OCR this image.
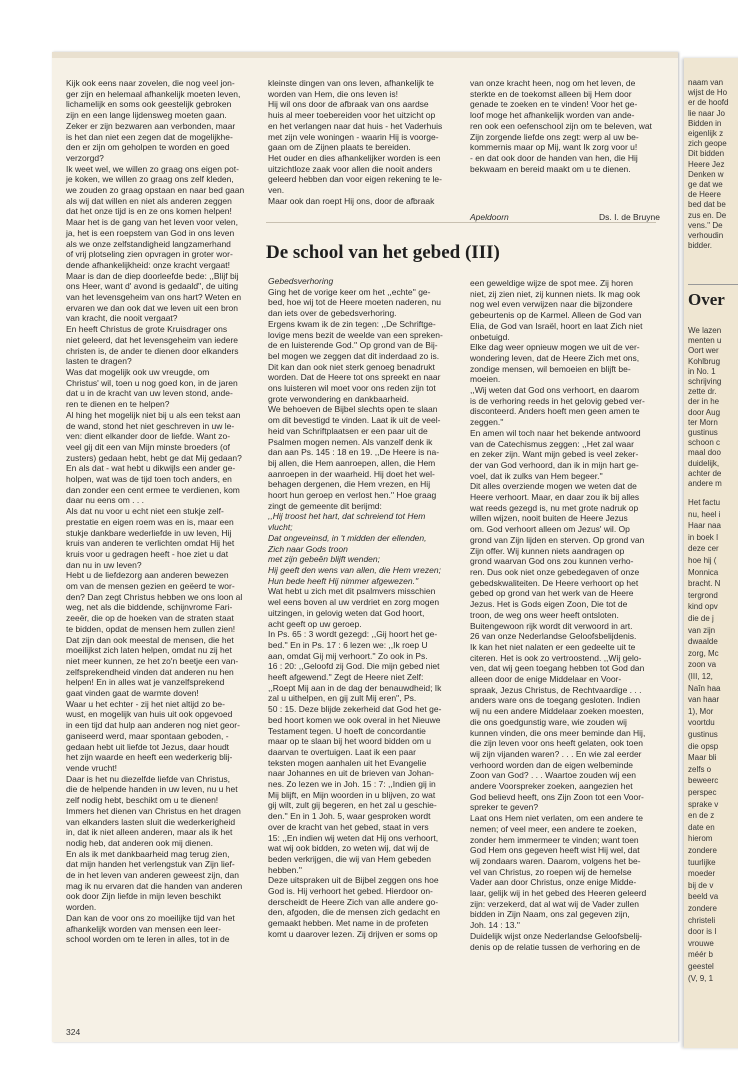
Kijk ook eens naar zovelen, die nog veel jon-

ger zijn en helemaal afhankelijk moeten leven,

lichamelijk en soms ook geestelijk gebroken

zijn en een lange lijdensweg moeten gaan.

Zeker er zijn bezwaren aan verbonden, maar

is het dan niet een zegen dat de mogelijkhe-

den er zijn om geholpen te worden en goed

verzorgd?

Ik weet wel, we willen zo graag ons eigen pot-

je koken, we willen zo graag ons zelf kleden,

we zouden zo graag opstaan en naar bed gaan

als wij dat willen en niet als anderen zeggen

dat het onze tijd is en ze ons komen helpen!

Maar het is de gang van het leven voor velen,

ja, het is een roepstem van God in ons leven

als we onze zelfstandigheid langzamerhand

of vrij plotseling zien opvragen in groter wor-

dende afhankelijkheid: onze kracht vergaat!

Maar is dan de diep doorleefde bede: ,,Blijf bij

ons Heer, want d' avond is gedaald'', de uiting

van het levensgeheim van ons hart? Weten en

ervaren we dan ook dat we leven uit een bron

van kracht, die nooit vergaat?

En heeft Christus de grote Kruisdrager ons

niet geleerd, dat het levensgeheim van iedere

christen is, de ander te dienen door elkanders

lasten te dragen?

Was dat mogelijk ook uw vreugde, om

Christus' wil, toen u nog goed kon, in de jaren

dat u in de kracht van uw leven stond, ande-

ren te dienen en te helpen?

Al hing het mogelijk niet bij u als een tekst aan

de wand, stond het niet geschreven in uw le-

ven: dient elkander door de liefde. Want zo-

veel gij dit een van Mijn minste broeders (of

zusters) gedaan hebt, hebt ge dat Mij gedaan?

En als dat - wat hebt u dikwijls een ander ge-

holpen, wat was de tijd toen toch anders, en

dan zonder een cent ermee te verdienen, kom

daar nu eens om . . .

Als dat nu voor u echt niet een stukje zelf-

prestatie en eigen roem was en is, maar een

stukje dankbare wederliefde in uw leven, Hij

kruis van anderen te verlichten omdat Hij het

kruis voor u gedragen heeft - hoe ziet u dat

dan nu in uw leven?

Hebt u de liefdezorg aan anderen bewezen

om van de mensen gezien en geëerd te wor-

den? Dan zegt Christus hebben we ons loon al

weg, net als die biddende, schijnvrome Fari-

zeeër, die op de hoeken van de straten staat

te bidden, opdat de mensen hem zullen zien!

Dat zijn dan ook meestal de mensen, die het

moeilijkst zich laten helpen, omdat nu zij het

niet meer kunnen, ze het zo'n beetje een van-

zelfsprekendheid vinden dat anderen nu hen

helpen! En in alles wat je vanzelfsprekend

gaat vinden gaat de warmte doven!

Waar u het echter - zij het niet altijd zo be-

wust, en mogelijk van huis uit ook opgevoed

in een tijd dat hulp aan anderen nog niet geor-

ganiseerd werd, maar spontaan geboden, -

gedaan hebt uit liefde tot Jezus, daar houdt

het zijn waarde en heeft een wederkerig blij-

vende vrucht!

Daar is het nu diezelfde liefde van Christus,

die de helpende handen in uw leven, nu u het

zelf nodig hebt, beschikt om u te dienen!

Immers het dienen van Christus en het dragen

van elkanders lasten sluit die wederkerigheid

in, dat ik niet alleen anderen, maar als ik het

nodig heb, dat anderen ook mij dienen.

En als ik met dankbaarheid mag terug zien,

dat mijn handen het verlengstuk van Zijn lief-

de in het leven van anderen geweest zijn, dan

mag ik nu ervaren dat die handen van anderen

ook door Zijn liefde in mijn leven beschikt

worden.

Dan kan de voor ons zo moeilijke tijd van het

afhankelijk worden van mensen een leer-

school worden om te leren in alles, tot in de

kleinste dingen van ons leven, afhankelijk te

worden van Hem, die ons leven is!

Hij wil ons door de afbraak van ons aardse

huis al meer toebereiden voor het uitzicht op

en het verlangen naar dat huis - het Vaderhuis

met zijn vele woningen - waarin Hij is voorge-

gaan om de Zijnen plaats te bereiden.

Het ouder en dies afhankelijker worden is een

uitzichtloze zaak voor allen die nooit anders

geleerd hebben dan voor eigen rekening te le-

ven.

Maar ook dan roept Hij ons, door de afbraak

van onze kracht heen, nog om het leven, de

sterkte en de toekomst alleen bij Hem door

genade te zoeken en te vinden! Voor het ge-

loof moge het afhankelijk worden van ande-

ren ook een oefenschool zijn om te beleven, wat

Zijn zorgende liefde ons zegt: werp al uw be-

kommernis maar op Mij, want Ik zorg voor u!

- en dat ook door de handen van hen, die Hij

bekwaam en bereid maakt om u te dienen.

Apeldoorn	Ds. I. de Bruyne
De school van het gebed (III)

Gebedsverhoring

Ging het de vorige keer om het ,,echte'' ge-

bed, hoe wij tot de Heere moeten naderen, nu

dan iets over de gebedsverhoring.

Ergens kwam ik de zin tegen: ,,De Schriftge-

lovige mens bezit de weelde van een spreken-

de en luisterende God.'' Op grond van de Bij-

bel mogen we zeggen dat dit inderdaad zo is.

Dit kan dan ook niet sterk genoeg benadrukt

worden. Dat de Heere tot ons spreekt en naar

ons luisteren wil moet voor ons reden zijn tot

grote verwondering en dankbaarheid.

We behoeven de Bijbel slechts open te slaan

om dit bevestigd te vinden. Laat ik uit de veel-

heid van Schriftplaatsen er een paar uit de

Psalmen mogen nemen. Als vanzelf denk ik

dan aan Ps. 145 : 18 en 19. ,,De Heere is na-

bij allen, die Hem aanroepen, allen, die Hem

aanroepen in der waarheid. Hij doet het wel-

behagen dergenen, die Hem vrezen, en Hij

hoort hun geroep en verlost hen.'' Hoe graag

zingt de gemeente dit berijmd:

,,Hij troost het hart, dat schreiend tot Hem

vlucht;

Dat ongeveinsd, in 't midden der ellenden,

Zich naar Gods troon

met zijn gebeên blijft wenden;

Hij geeft den wens van allen, die Hem vrezen;

Hun bede heeft Hij nimmer afgewezen.''

Wat hebt u zich met dit psalmvers misschien

wel eens boven al uw verdriet en zorg mogen

uitzingen, in gelovig weten dat God hoort,

acht geeft op uw geroep.

In Ps. 65 : 3 wordt gezegd: ,,Gij hoort het ge-

bed.'' En in Ps. 17 : 6 lezen we: ,,Ik roep U

aan, omdat Gij mij verhoort.'' Zo ook in Ps.

16 : 20: ,,Geloofd zij God. Die mijn gebed niet

heeft afgewend.'' Zegt de Heere niet Zelf:

,,Roept Mij aan in de dag der benauwdheid; Ik

zal u uithelpen, en gij zult Mij eren'', Ps.

50 : 15. Deze blijde zekerheid dat God het ge-

bed hoort komen we ook overal in het Nieuwe

Testament tegen. U hoeft de concordantie

maar op te slaan bij het woord bidden om u

daarvan te overtuigen. Laat ik een paar

teksten mogen aanhalen uit het Evangelie

naar Johannes en uit de brieven van Johan-

nes. Zo lezen we in Joh. 15 : 7: ,,Indien gij in

Mij blijft, en Mijn woorden in u blijven, zo wat

gij wilt, zult gij begeren, en het zal u geschie-

den.'' En in 1 Joh. 5, waar gesproken wordt

over de kracht van het gebed, staat in vers

15: ,,En indien wij weten dat Hij ons verhoort,

wat wij ook bidden, zo weten wij, dat wij de

beden verkrijgen, die wij van Hem gebeden

hebben.''

Deze uitspraken uit de Bijbel zeggen ons hoe

God is. Hij verhoort het gebed. Hierdoor on-

derscheidt de Heere Zich van alle andere go-

den, afgoden, die de mensen zich gedacht en

gemaakt hebben. Met name in de profeten

komt u daarover lezen. Zij drijven er soms op

een geweldige wijze de spot mee. Zij horen

niet, zij zien niet, zij kunnen niets. Ik mag ook

nog wel even verwijzen naar die bijzondere

gebeurtenis op de Karmel. Alleen de God van

Elia, de God van Israël, hoort en laat Zich niet

onbetuigd.

Elke dag weer opnieuw mogen we uit de ver-

wondering leven, dat de Heere Zich met ons,

zondige mensen, wil bemoeien en blijft be-

moeien.

,,Wij weten dat God ons verhoort, en daarom

is de verhoring reeds in het gelovig gebed ver-

disconteerd. Anders hoeft men geen amen te

zeggen.''

En amen wil toch naar het bekende antwoord

van de Catechismus zeggen: ,,Het zal waar

en zeker zijn. Want mijn gebed is veel zeker-

der van God verhoord, dan ik in mijn hart ge-

voel, dat ik zulks van Hem begeer.''

Dit alles overziende mogen we weten dat de

Heere verhoort. Maar, en daar zou ik bij alles

wat reeds gezegd is, nu met grote nadruk op

willen wijzen, nooit buiten de Heere Jezus

om. God verhoort alleen om Jezus' wil. Op

grond van Zijn lijden en sterven. Op grond van

Zijn offer. Wij kunnen niets aandragen op

grond waarvan God ons zou kunnen verho-

ren. Dus ook niet onze gebedegaven of onze

gebedskwaliteiten. De Heere verhoort op het

gebed op grond van het werk van de Heere

Jezus. Het is Gods eigen Zoon, Die tot de

troon, de weg ons weer heeft ontsloten.

Buitengewoon rijk wordt dit verwoord in art.

26 van onze Nederlandse Geloofsbelijdenis.

Ik kan het niet nalaten er een gedeelte uit te

citeren. Het is ook zo vertroostend. ,,Wij gelo-

ven, dat wij geen toegang hebben tot God dan

alleen door de enige Middelaar en Voor-

spraak, Jezus Christus, de Rechtvaardige . . .

anders ware ons de toegang gesloten. Indien

wij nu een andere Middelaar zoeken moesten,

die ons goedgunstig ware, wie zouden wij

kunnen vinden, die ons meer beminde dan Hij,

die zijn leven voor ons heeft gelaten, ook toen

wij zijn vijanden waren? . . . En wie zal eerder

verhoord worden dan de eigen welbeminde

Zoon van God? . . . Waartoe zouden wij een

andere Voorspreker zoeken, aangezien het

God believd heeft, ons Zijn Zoon tot een Voor-

spreker te geven?

Laat ons Hem niet verlaten, om een andere te

nemen; of veel meer, een andere te zoeken,

zonder hem immermeer te vinden; want toen

God Hem ons gegeven heeft wist Hij wel, dat

wij zondaars waren. Daarom, volgens het be-

vel van Christus, zo roepen wij de hemelse

Vader aan door Christus, onze enige Midde-

laar, gelijk wij in het gebed des Heeren geleerd

zijn: verzekerd, dat al wat wij de Vader zullen

bidden in Zijn Naam, ons zal gegeven zijn,

Joh. 14 : 13.''

Duidelijk wijst onze Nederlandse Geloofsbelij-

denis op de relatie tussen de verhoring en de

324
naam van
wijst de Ho
er de hoofd
lie naar Jo
Bidden in
eigenlijk z
zich geope
Dit bidden
Heere Jez
Denken w
ge dat we
de Heere
bed dat be
zus en. De
vens.'' De
verhoudin
bidder.
Over
We lazen
menten u
Oort wer
Kohlbrug
in No. 1
schrijving
zette dr.
der in he
door Aug
ter Morn
gustinus
schoon c
maal doo
duidelijk,
achter de
andere m
Het factu
nu, heel i
Haar naa
in boek I
deze cer
hoe hij (
Monnica
bracht. N
tergrond
kind opv
die de j
van zijn
dwaalde
zorg, Mc
zoon va
(III, 12,
Naîn haa
van haar
1), Mor
voortdu
gustinus
die opsp
Maar bli
zelfs o
beweerc
perspec
sprake v
en de z
date en
hierom
zondere
tuurlijke
moeder
bij de v
beeld va
zondere
christeli
door is I
vrouwe
méér b
geestel
(V, 9, 1
